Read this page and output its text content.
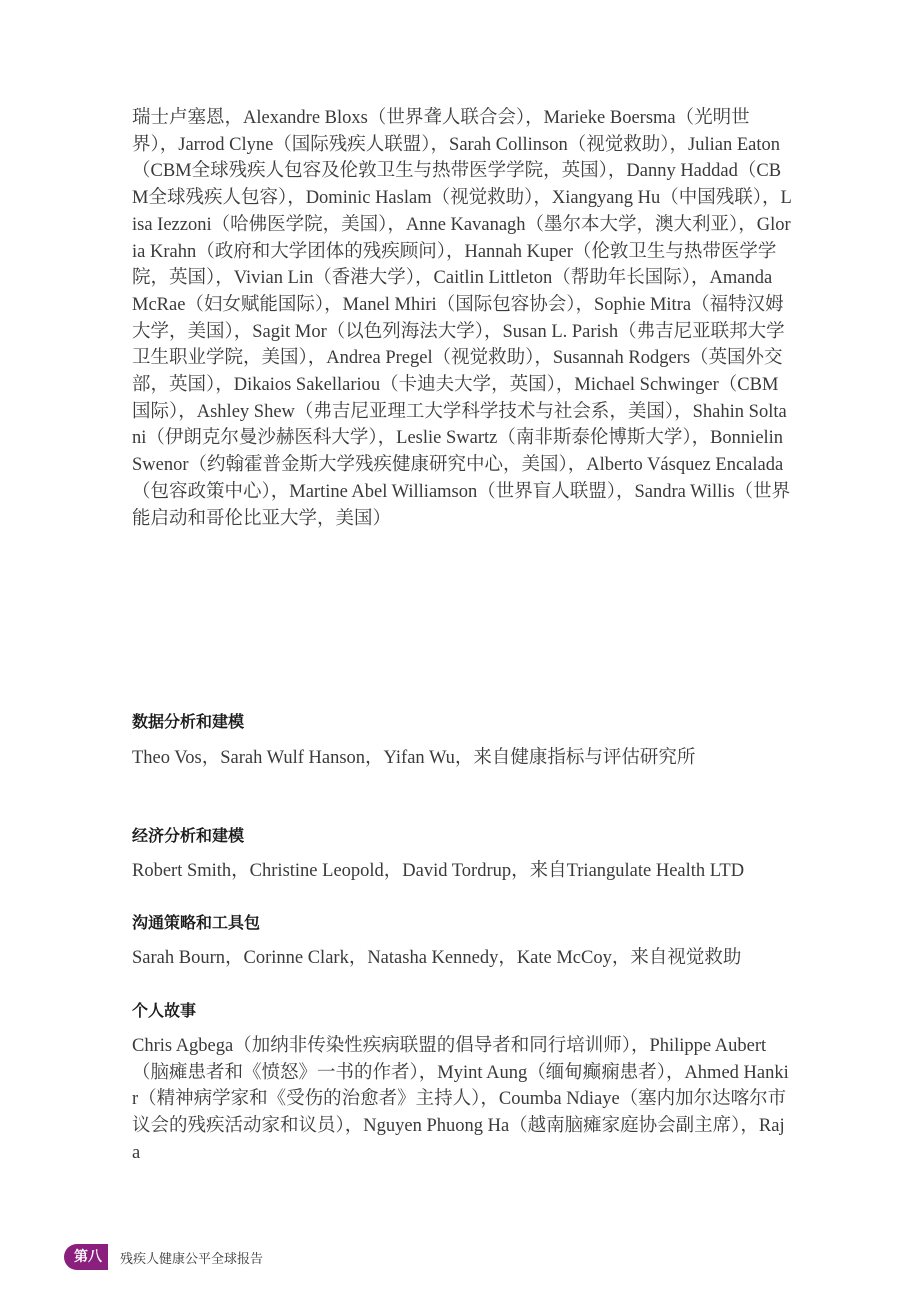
瑞士卢塞恩，Alexandre Bloxs（世界聋人联合会），Marieke Boersma（光明世界），Jarrod Clyne（国际残疾人联盟），Sarah Collinson（视觉救助），Julian Eaton（CBM全球残疾人包容及伦敦卫生与热带医学学院，英国），Danny Haddad（CBM全球残疾人包容），Dominic Haslam（视觉救助），Xiangyang Hu（中国残联），Lisa Iezzoni（哈佛医学院，美国），Anne Kavanagh（墨尔本大学，澳大利亚），Gloria Krahn（政府和大学团体的残疾顾问），Hannah Kuper（伦敦卫生与热带医学学院，英国），Vivian Lin（香港大学），Caitlin Littleton（帮助年长国际），Amanda McRae（妇女赋能国际），Manel Mhiri（国际包容协会），Sophie Mitra（福特汉姆大学，美国），Sagit Mor（以色列海法大学），Susan L. Parish（弗吉尼亚联邦大学卫生职业学院，美国），Andrea Pregel（视觉救助），Susannah Rodgers（英国外交部，英国），Dikaios Sakellariou（卡迪夫大学，英国），Michael Schwinger（CBM国际），Ashley Shew（弗吉尼亚理工大学科学技术与社会系，美国），Shahin Soltani（伊朗克尔曼沙赫医科大学），Leslie Swartz（南非斯泰伦博斯大学），Bonnielin Swenor（约翰霍普金斯大学残疾健康研究中心，美国），Alberto Vásquez Encalada（包容政策中心），Martine Abel Williamson（世界盲人联盟），Sandra Willis（世界能启动和哥伦比亚大学，美国）

数据分析和建模

Theo Vos，Sarah Wulf Hanson，Yifan Wu，来自健康指标与评估研究所

经济分析和建模

Robert Smith，Christine Leopold，David Tordrup，来自Triangulate Health LTD

沟通策略和工具包

Sarah Bourn，Corinne Clark，Natasha Kennedy，Kate McCoy，来自视觉救助

个人故事

Chris Agbega（加纳非传染性疾病联盟的倡导者和同行培训师），Philippe Aubert（脑瘫患者和《愤怒》一书的作者），Myint Aung（缅甸癫痫患者），Ahmed Hankir（精神病学家和《受伤的治愈者》主持人），Coumba Ndiaye（塞内加尔达喀尔市议会的残疾活动家和议员），Nguyen Phuong Ha（越南脑瘫家庭协会副主席），Raja

第八	残疾人健康公平全球报告
